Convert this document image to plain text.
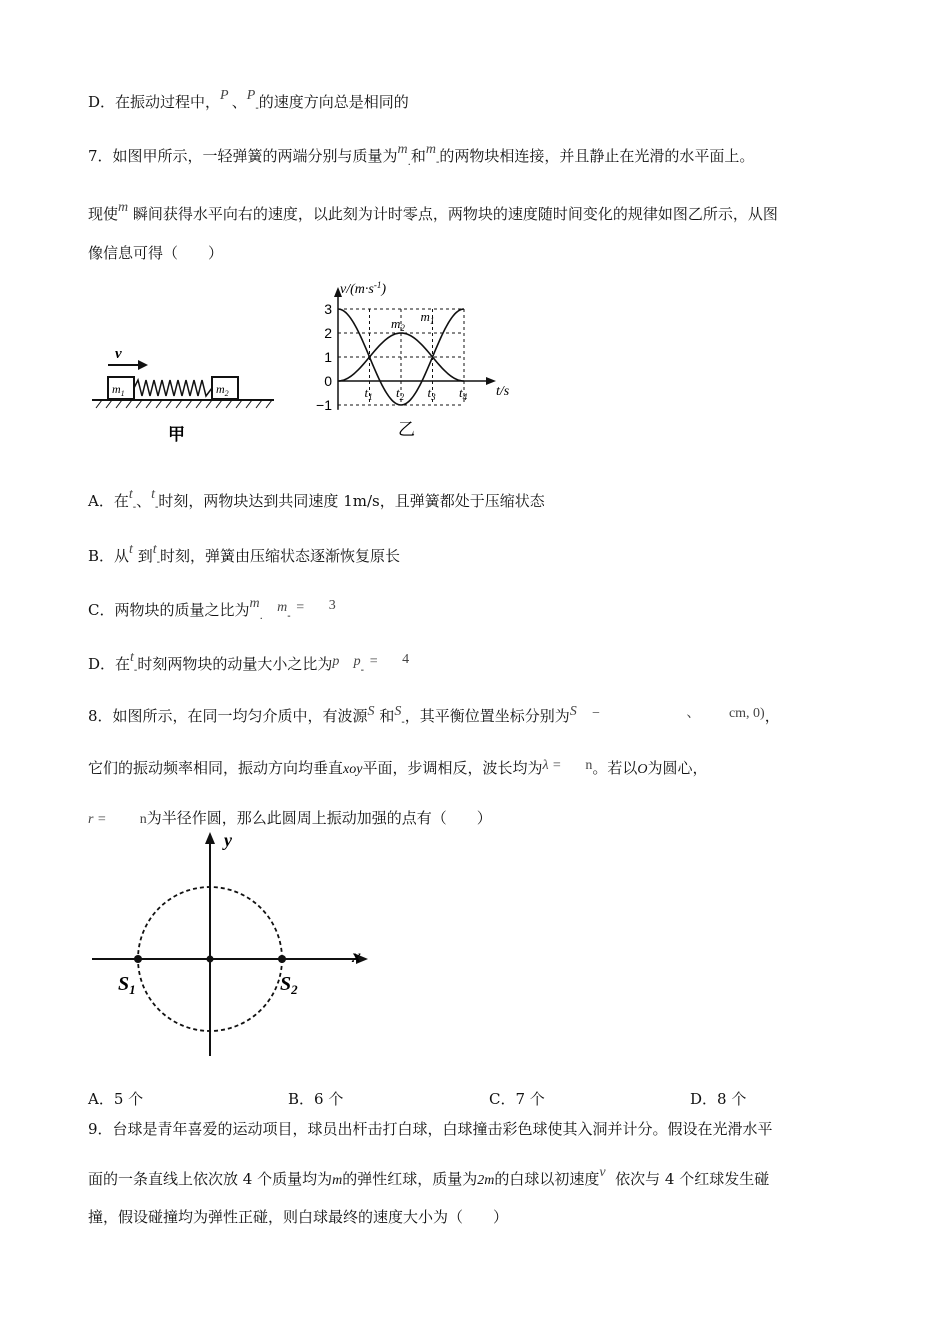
D．在振动过程中，P 、$P_-$的速度方向总是相同的
7．如图甲所示，一轻弹簧的两端分别与质量为$m_.$和$m_-$的两物块相连接，并且静止在光滑的水平面上。
现使m 瞬间获得水平向右的速度，以此刻为计时零点，两物块的速度随时间变化的规律如图乙所示，从图
像信息可得（　　）
v
$m_1$	$m_2$
甲
$v/(m\cdot s^{-1})$
3
2
1
0
−1
$t_1$ $t_2$ $t_3$ $t_4$ t/s
$m_2$
$m_1$
乙
A．在$t_-$、$t_-$时刻，两物块达到共同速度 1m/s，且弹簧都处于压缩状态
B．从t 到$t_-$时刻，弹簧由压缩状态逐渐恢复原长
C．两物块的质量之比为$m_.$   $m_- = 3$
D．在$t_-$时刻两物块的动量大小之比为p $p_- = 4$
8．如图所示，在同一均匀介质中，有波源S 和$S_-$，其平衡位置坐标分别为S −	、 cm, 0)，
它们的振动频率相同，振动方向均垂直xoy平面，步调相反，波长均为λ = n。若以O为圆心，
r = n为半径作圆，那么此圆周上振动加强的点有（　　）
y
x
$S_1$	$S_2$
A．5 个	B．6 个	C．7 个	D．8 个
9．台球是青年喜爱的运动项目，球员出杆击打白球，白球撞击彩色球使其入洞并计分。假设在光滑水平
面的一条直线上依次放 4 个质量均为m的弹性红球，质量为2m的白球以初速度v 依次与 4 个红球发生碰
撞，假设碰撞均为弹性正碰，则白球最终的速度大小为（　　）
